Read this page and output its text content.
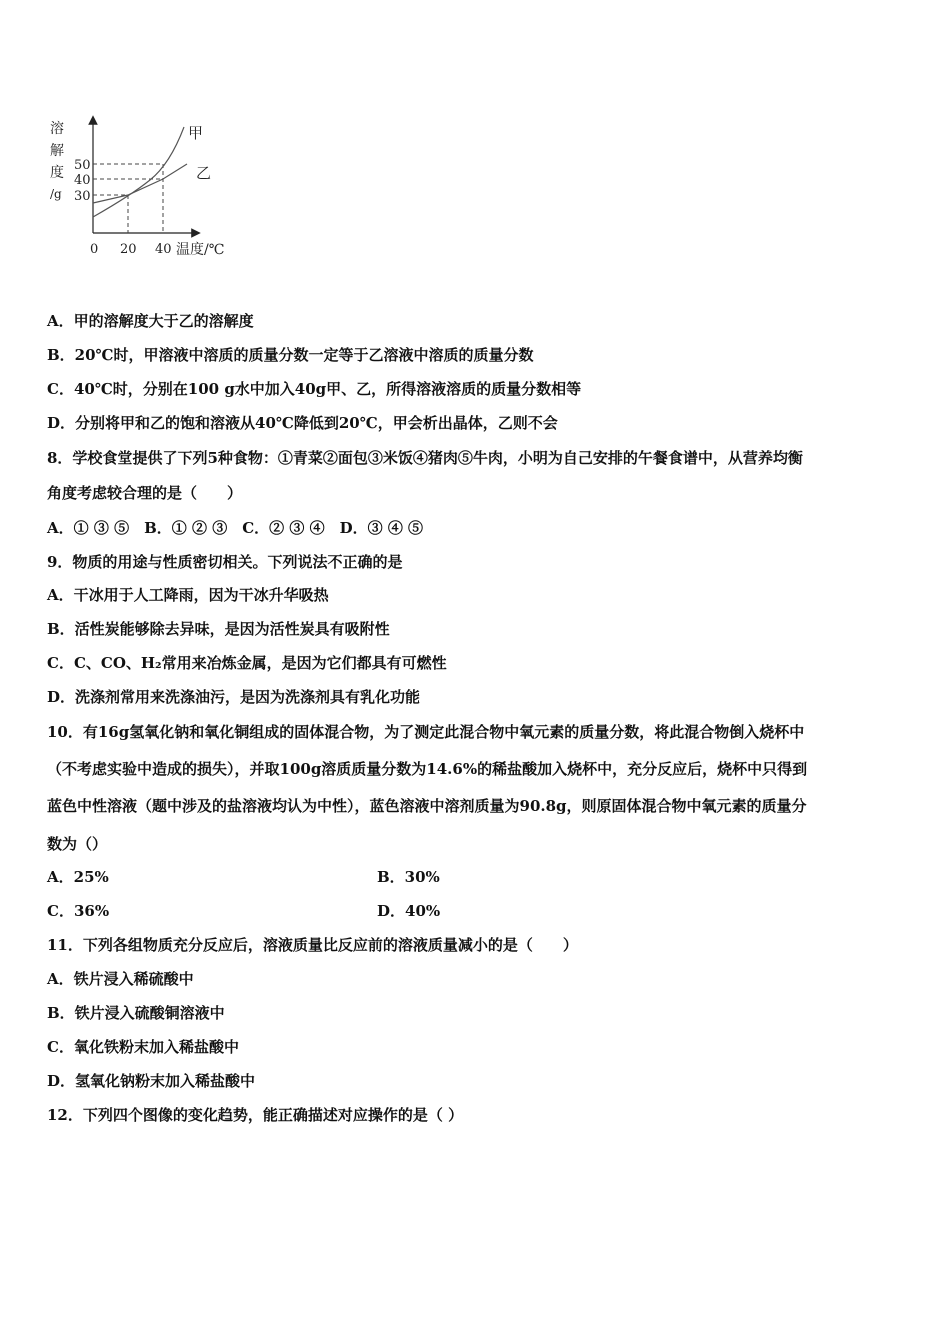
溶
解
度
/g
50
40
30
0 20 40 温度/℃
甲
乙
A．甲的溶解度大于乙的溶解度
B．20℃时，甲溶液中溶质的质量分数一定等于乙溶液中溶质的质量分数
C．40℃时，分别在100 g水中加入40g甲、乙，所得溶液溶质的质量分数相等
D．分别将甲和乙的饱和溶液从40℃降低到20℃，甲会析出晶体，乙则不会
8．学校食堂提供了下列5种食物：①青菜②面包③米饭④猪肉⑤牛肉，小明为自己安排的午餐食谱中，从营养均衡
角度考虑较合理的是（　　）
A．① ③ ⑤　B．① ② ③　C．② ③ ④　D．③ ④ ⑤
9．物质的用途与性质密切相关。下列说法不正确的是
A．干冰用于人工降雨，因为干冰升华吸热
B．活性炭能够除去异味，是因为活性炭具有吸附性
C．C、CO、H₂常用来冶炼金属，是因为它们都具有可燃性
D．洗涤剂常用来洗涤油污，是因为洗涤剂具有乳化功能
10．有16g氢氧化钠和氧化铜组成的固体混合物，为了测定此混合物中氧元素的质量分数，将此混合物倒入烧杯中
（不考虑实验中造成的损失），并取100g溶质质量分数为14.6%的稀盐酸加入烧杯中，充分反应后，烧杯中只得到
蓝色中性溶液（题中涉及的盐溶液均认为中性），蓝色溶液中溶剂质量为90.8g，则原固体混合物中氧元素的质量分
数为（）
A．25%	B．30%
C．36%	D．40%
11．下列各组物质充分反应后，溶液质量比反应前的溶液质量减小的是（　　）
A．铁片浸入稀硫酸中
B．铁片浸入硫酸铜溶液中
C．氧化铁粉末加入稀盐酸中
D．氢氧化钠粉末加入稀盐酸中
12．下列四个图像的变化趋势，能正确描述对应操作的是（ ）
